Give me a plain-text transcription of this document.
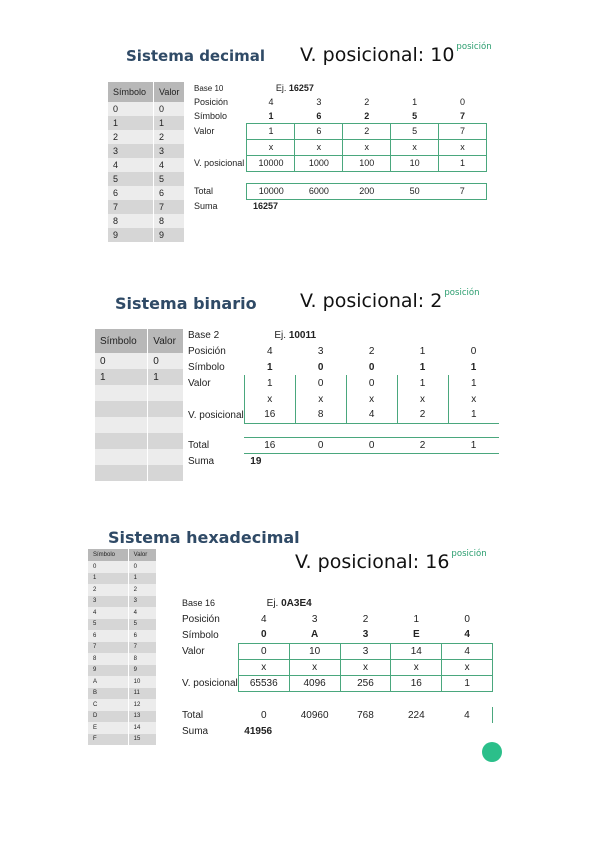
Sistema decimal V. posicional: 10 $^{posición}$
Símbolo	Valor
0	0
1	1
2	2
3	3
4	4
5	5
6	6
7	7
8	8
9	9
Base 10	Ej. 16257				
Posición	4	3	2	1	0
Símbolo	1	6	2	5	7
Valor	1	6	2	5	7
	x	x	x	x	x
V. posicional	10000	1000	100	10	1

Total	10000	6000	200	50	7
Suma	16257				
Sistema binario V. posicional: 2 $^{posición}$
Símbolo	Valor
0	0
1	1

Base 2	Ej. 10011				
Posición	4	3	2	1	0
Símbolo	1	0	0	1	1
Valor	1	0	0	1	1
	x	x	x	x	x
V. posicional	16	8	4	2	1

Total	16	0	0	2	1
Suma	19				
Sistema hexadecimal
V. posicional: 16 $^{posición}$
Símbolo	Valor
0	0
1	1
2	2
3	3
4	4
5	5
6	6
7	7
8	8
9	9
A	10
B	11
C	12
D	13
E	14
F	15
Base 16	Ej. 0A3E4				
Posición	4	3	2	1	0
Símbolo	0	A	3	E	4
Valor	0	10	3	14	4
	x	x	x	x	x
V. posicional	65536	4096	256	16	1

Total	0	40960	768	224	4
Suma	41956				
